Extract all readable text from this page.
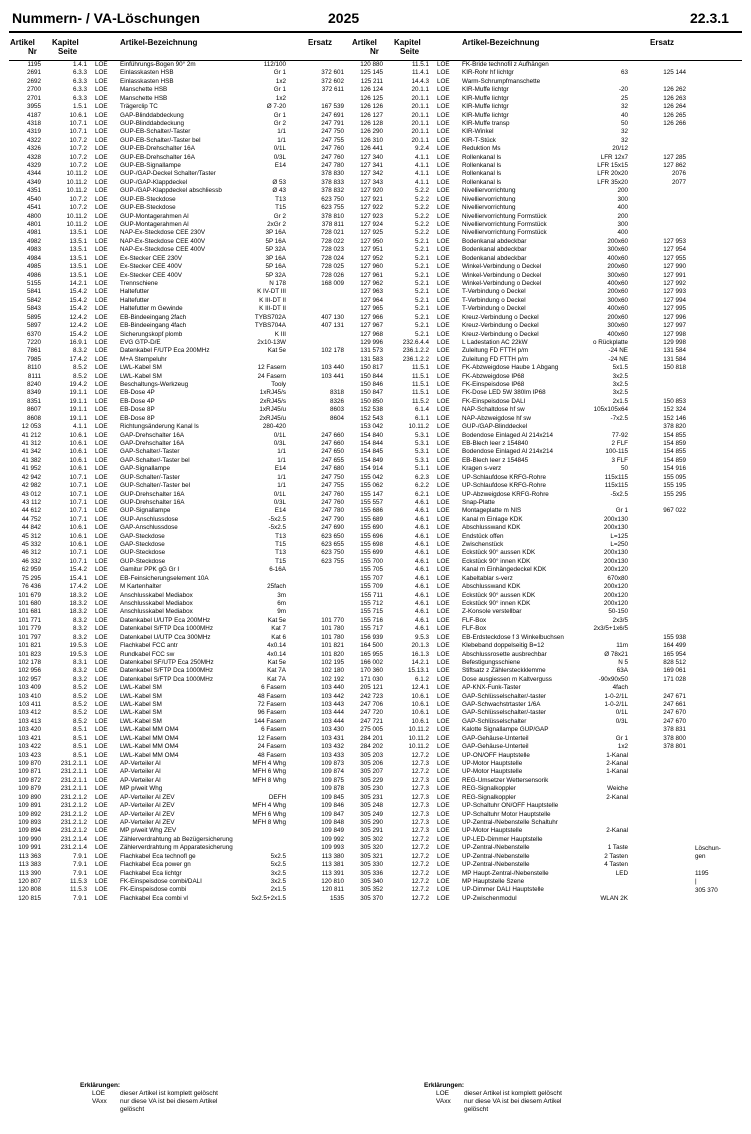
Nummern- / VA-Löschungen	2025	22.3.1
Artikel
Nr
Kapitel
Seite
Artikel-Bezeichnung	Ersatz
1195	1.4.1 LOE Einführungs-Bogen 90° 2m	112/100
2691	6.3.3 LOE Einlasskasten HSB	Gr 1	372 601
2692	6.3.3 LOE Einlasskasten HSB	1x2	372 602
2700	6.3.3 LOE Manschette HSB	Gr 1	372 611
2701	6.3.3 LOE Manschette HSB	1x2
3955	1.5.1 LOE Trägerclip TC	Ø 7-20	167 539
4187	10.6.1 LOE GAP-Blinddabdeckung	Gr 1	247 691
4318	10.7.1 LOE GUP-Blinddabdeckung	Gr 2	247 791
4319	10.7.1 LOE GUP-EB-Schalter/-Taster	1/1	247 750
4322	10.7.2 LOE GUP-EB-Schalter/-Taster bel	1/1	247 755
4326	10.7.2 LOE GUP-EB-Drehschalter 16A	0/1L	247 760
4328	10.7.2 LOE GUP-EB-Drehschalter 16A	0/3L	247 760
4329	10.7.2 LOE GUP-EB-Signallampe	E14	247 780
4344	10.11.2 LOE GUP-/GAP-Deckel Schalter/Taster	378 830
4349	10.11.2 LOE GUP-/GAP-Klappdeckel	Ø 53	378 833
4351	10.11.2 LOE GUP-/GAP-Klappdeckel abschliessb	Ø 43	378 832
4540	10.7.2 LOE GUP-EB-Steckdose	T13	623 750
4541	10.7.2 LOE GUP-EB-Steckdose	T15	623 755
4800	10.11.2 LOE GUP-Montagerahmen Al	Gr 2	378 810
4801	10.11.2 LOE GUP-Montagerahmen Al	2xGr 2	378 811
4981	13.5.1 LOE NAP-Ex-Steckdose CEE 230V	3P 16A	728 021
4982	13.5.1 LOE NAP-Ex-Steckdose CEE 400V	5P 16A	728 022
4983	13.5.1 LOE NAP-Ex-Steckdose CEE 400V	5P 32A	728 023
4984	13.5.1 LOE Ex-Stecker CEE 230V	3P 16A	728 024
4985	13.5.1 LOE Ex-Stecker CEE 400V	5P 16A	728 025
4986	13.5.1 LOE Ex-Stecker CEE 400V	5P 32A	728 026
5155	14.2.1 LOE Trennschiene	N 178	168 009
5841	15.4.2 LOE Haltefutter	K IV-DT III
5842	15.4.2 LOE Haltefutter	K III-DT II
5843	15.4.2 LOE Haltefutter m Gewinde	K III-DT II
5895	12.4.2 LOE EB-Bindeeingang 2fach	TYBS702A	407 130
5897	12.4.2 LOE EB-Bindeeingang 4fach	TYBS704A	407 131
6370	15.4.2 LOE Sicherungskopf plomb	K III
7220	16.9.1 LOE EVG GTP-D/E	2x10-13W
7861	8.3.2 LOE Datenkabel F/UTP Eca 200MHz	Kat 5e	102 178
7985	17.4.2 LOE M+A Stempeluhr
8110	8.5.2 LOE LWL-Kabel SM	12 Fasern	103 440
8111	8.5.2 LOE LWL-Kabel SM	24 Fasern	103 441
8240	19.4.2 LOE Beschaltungs-Werkzeug	Tooly
8349	19.1.1 LOE EB-Dose 4P	1xRJ45/s	8318
8351	19.1.1 LOE EB-Dose 4P	2xRJ45/s	8326
8607	19.1.1 LOE EB-Dose 8P	1xRJ45/u	8603
8608	19.1.1 LOE EB-Dose 8P	2xRJ45/u	8604
12 053	4.1.1 LOE Richtungsänderung Kanal ls	280-420
41 212	10.6.1 LOE GAP-Drehschalter 16A	0/1L	247 660
41 312	10.6.1 LOE GAP-Drehschalter 16A	0/3L	247 660
41 342	10.6.1 LOE GAP-Schalter/-Taster	1/1	247 650
41 382	10.6.1 LOE GAP-Schalter/-Taster bel	1/1	247 655
41 952	10.6.1 LOE GAP-Signallampe	E14	247 680
42 942	10.7.1 LOE GUP-Schalter/-Taster	1/1	247 750
42 982	10.7.1 LOE GUP-Schalter/-Taster bel	1/1	247 755
43 012	10.7.1 LOE GUP-Drehschalter 16A	0/1L	247 760
43 112	10.7.1 LOE GUP-Drehschalter 16A	0/3L	247 760
44 612	10.7.1 LOE GUP-Signallampe	E14	247 780
44 752	10.7.1 LOE GUP-Anschlussdose	-5x2.5	247 790
44 842	10.6.1 LOE GAP-Anschlussdose	-5x2.5	247 690
45 312	10.6.1 LOE GAP-Steckdose	T13	623 650
45 332	10.6.1 LOE GAP-Steckdose	T15	623 655
46 312	10.7.1 LOE GUP-Steckdose	T13	623 750
46 332	10.7.1 LOE GUP-Steckdose	T15	623 755
62 959	15.4.2 LOE Gamitur PPK gG Gr I	6-16A
75 295	15.4.1 LOE EB-Feinsicherungselement 10A
76 436	17.4.2 LOE M Kartenhalter	25fach
101 679	18.3.2 LOE Anschlusskabel Mediabox	3m
101 680	18.3.2 LOE Anschlusskabel Mediabox	6m
101 681	18.3.2 LOE Anschlusskabel Mediabox	9m
101 771	8.3.2 LOE Datenkabel U/UTP Eca 200MHz	Kat 5e	101 770
101 779	8.3.2 LOE Datenkabel S/FTP Dca 1000MHz	Kat 7	101 780
101 797	8.3.2 LOE Datenkabel U/UTP Cca 300MHz	Kat 6	101 780
101 821	19.5.3 LOE Flachkabel FCC antr	4x0.14	101 821
101 823	19.5.3 LOE Rundkabel FCC sw	4x0.14	101 820
102 178	8.3.1 LOE Datenkabel SF/UTP Eca 250MHz	Kat 5e	102 195
102 956	8.3.2 LOE Datenkabel S/FTP Dca 1000MHz	Kat 7A	102 180
102 957	8.3.2 LOE Datenkabel S/FTP Dca 1000MHz	Kat 7A	102 192
103 409	8.5.2 LOE LWL-Kabel SM	6 Fasern	103 440
103 410	8.5.2 LOE LWL-Kabel SM	48 Fasern	103 442
103 411	8.5.2 LOE LWL-Kabel SM	72 Fasern	103 443
103 412	8.5.2 LOE LWL-Kabel SM	96 Fasern	103 444
103 413	8.5.2 LOE LWL-Kabel SM	144 Fasern	103 444
103 420	8.5.1 LOE LWL-Kabel MM OM4	6 Fasern	103 430
103 421	8.5.1 LOE LWL-Kabel MM OM4	12 Fasern	103 431
103 422	8.5.1 LOE LWL-Kabel MM OM4	24 Fasern	103 432
103 423	8.5.1 LOE LWL-Kabel MM OM4	48 Fasern	103 433
109 870	231.2.1.1 LOE AP-Verteiler Al	MFH 4 Whg	109 873
109 871	231.2.1.1 LOE AP-Verteiler Al	MFH 6 Whg	109 874
109 872	231.2.1.1 LOE AP-Verteiler Al	MFH 8 Whg	109 875
109 879	231.2.1.1 LOE MP p/weit Whg	109 878
109 890	231.2.1.2 LOE AP-Verteiler Al ZEV	DEFH	109 845
109 891	231.2.1.2 LOE AP-Verteiler Al ZEV	MFH 4 Whg	109 846
109 892	231.2.1.2 LOE AP-Verteiler Al ZEV	MFH 6 Whg	109 847
109 893	231.2.1.2 LOE AP-Verteiler Al ZEV	MFH 8 Whg	109 848
109 894	231.2.1.2 LOE MP p/weit Whg ZEV	109 849
109 990	231.2.1.4 LOE Zählerverdrahtung ab Bezügersicherung	109 992
109 991	231.2.1.4 LOE Zählerverdrahtung m Apparatesicherung	109 993
113 363	7.9.1 LOE Flachkabel Eca technofl ge	5x2.5	113 380
113 383	7.9.1 LOE Flachkabel Eca power gn	5x2.5	113 381
113 390	7.9.1 LOE Flachkabel Eca lichtgr	3x2.5	113 391
120 807	11.5.3 LOE FK-Einspeisdose combi/DALI	3x2.5	120 810
120 808	11.5.3 LOE FK-Einspeisdose combi	2x1.5	120 811
120 815	7.9.1 LOE Flachkabel Eca combi vl	5x2.5+2x1.5	1535
Artikel
Nr
Kapitel
Seite
Artikel-Bezeichnung	Ersatz
120 880	11.5.1 LOE FK-Bride technofil z Aufhängen
125 145	11.4.1 LOE KIR-Rohr hf lichtgr	63	125 144
125 211	14.4.3 LOE Warm-Schrumpfmanschette
126 124	20.1.1 LOE KIR-Muffe lichtgr	-20	126 262
126 125	20.1.1 LOE KIR-Muffe lichtgr	25	126 263
126 126	20.1.1 LOE KIR-Muffe lichtgr	32	126 264
126 127	20.1.1 LOE KIR-Muffe lichtgr	40	126 265
126 128	20.1.1 LOE KIR-Muffe transp	50	126 266
126 290	20.1.1 LOE KIR-Winkel	32
126 310	20.1.1 LOE KIR-T-Stück	32
126 441	9.2.4 LOE Reduktion Ms	20/12
127 340	4.1.1 LOE Rollenkanal ls	LFR 12x7	127 285
127 341	4.1.1 LOE Rollenkanal ls	LFR 15x15	127 862
127 342	4.1.1 LOE Rollenkanal ls	LFR 20x20	2076
127 343	4.1.1 LOE Rollenkanal ls	LFR 35x20	2077
127 920	5.2.2 LOE Nivelliervorrichtung	200
127 921	5.2.2 LOE Nivelliervorrichtung	300
127 922	5.2.2 LOE Nivelliervorrichtung	400
127 923	5.2.2 LOE Nivelliervorrichtung Formstück	200
127 924	5.2.2 LOE Nivelliervorrichtung Formstück	300
127 925	5.2.2 LOE Nivelliervorrichtung Formstück	400
127 950	5.2.1 LOE Bodenkanal abdeckbar	200x60	127 953
127 951	5.2.1 LOE Bodenkanal abdeckbar	300x60	127 954
127 952	5.2.1 LOE Bodenkanal abdeckbar	400x60	127 955
127 960	5.2.1 LOE Winkel-Verbindung o Deckel	200x60	127 990
127 961	5.2.1 LOE Winkel-Verbindung o Deckel	300x60	127 991
127 962	5.2.1 LOE Winkel-Verbindung o Deckel	400x60	127 992
127 963	5.2.1 LOE T-Verbindung o Deckel	200x60	127 993
127 964	5.2.1 LOE T-Verbindung o Deckel	300x60	127 994
127 965	5.2.1 LOE T-Verbindung o Deckel	400x60	127 995
127 966	5.2.1 LOE Kreuz-Verbindung o Deckel	200x60	127 996
127 967	5.2.1 LOE Kreuz-Verbindung o Deckel	300x60	127 997
127 968	5.2.1 LOE Kreuz-Verbindung o Deckel	400x60	127 998
129 996	232.6.4.4 LOE L Ladestation AC 22kW	o Rückplatte	129 998
131 573	236.1.2.2 LOE Zuleitung FD FTTH p/m	-24 NE	131 584
131 583	236.1.2.2 LOE Zuleitung FD FTTH p/m	-24 NE	131 584
150 817	11.5.1 LOE FK-Abzweigdose Haube 1 Abgang	5x1.5	150 818
150 844	11.5.1 LOE FK-Abzweigdose IP68	3x2.5
150 846	11.5.1 LOE FK-Einspeisdose IP68	3x2.5
150 847	11.5.1 LOE FK-Dose LED 5W 380lm IP68	3x2.5
150 850	11.5.2 LOE FK-Einspeisdose DALI	2x1.5	150 853
152 538	6.1.4 LOE NAP-Schaltdose hf sw	105x105x64	152 324
152 543	6.1.1 LOE NAP-Abzweigdose hf sw	-7x2.5	152 146
153 042	10.11.2 LOE GUP-/GAP-Blinddeckel	378 820
154 840	5.3.1 LOE Bodendose Einlaged Al 214x214	77-92	154 855
154 844	5.3.1 LOE EB-Blech leer z 154840	2 FLF	154 859
154 845	5.3.1 LOE Bodendose Einlaged Al 214x214	100-115	154 855
154 849	5.3.1 LOE EB-Blech leer z 154845	3 FLF	154 859
154 914	5.1.1 LOE Kragen s-verz	50	154 916
155 042	6.2.3 LOE UP-Schlaufdose KRFG-Rohre	115x115	155 095
155 062	6.2.2 LOE UP-Schlaufdose KRFG-Rohre	115x115	155 195
155 147	6.2.1 LOE UP-Abzweigdose KRFG-Rohre	-5x2.5	155 295
155 557	4.6.1 LOE Snap-Platte
155 686	4.6.1 LOE Montageplatte m NIS	Gr 1	967 022
155 689	4.6.1 LOE Kanal m Einlage KDK	200x130
155 690	4.6.1 LOE Abschlusswand KDK	200x130
155 696	4.6.1 LOE Endstück offen	L=125
155 698	4.6.1 LOE Zwischenstück	L=250
155 699	4.6.1 LOE Eckstück 90° aussen KDK	200x130
155 700	4.6.1 LOE Eckstück 90° innen KDK	200x130
155 705	4.6.1 LOE Kanal m Einhängedeckel KDK	200x120
155 707	4.6.1 LOE Kabeltablar s-verz	670x80
155 709	4.6.1 LOE Abschlusswand KDK	200x120
155 711	4.6.1 LOE Eckstück 90° aussen KDK	200x120
155 712	4.6.1 LOE Eckstück 90° innen KDK	200x120
155 715	4.6.1 LOE Z-Konsole verstellbar	50-150
155 716	4.6.1 LOE FLF-Box	2x3/5
155 717	4.6.1 LOE FLF-Box	2x3/5+1x6/5
156 939	9.5.3 LOE EB-Erdsteckdose f 3 Winkelbuchsen	155 938
164 500	20.1.3 LOE Klebeband doppelseitig B=12	11m	164 499
165 955	16.1.3 LOE Abschlussrosette ausbrechbar	Ø 78x21	165 954
166 002	14.2.1 LOE Befestigungsschiene	N 5	828 512
170 360	15.13.1 LOE Stiftsatz z Zählersteckklemme	63A	169 061
171 030	6.1.2 LOE Dose ausgiessen m Kaltverguss	-90x90x50	171 028
205 121	12.4.1 LOE AP-KNX-Funk-Taster	4fach
242 723	10.6.1 LOE GAP-Schlüsselschalter/-taster	1-0-2/1L	247 671
247 706	10.6.1 LOE GAP-Schwachstrtaster 1/6A	1-0-2/1L	247 661
247 720	10.6.1 LOE GAP-Schlüsselschalter/-taster	0/1L	247 670
247 721	10.6.1 LOE GAP-Schlüsselschalter	0/3L	247 670
275 005	10.11.2 LOE Kalotte Signallampe GUP/GAP	378 831
284 201	10.11.2 LOE GAP-Gehäuse-Unterteil	Gr 1	378 800
284 202	10.11.2 LOE GAP-Gehäuse-Unterteil	1x2	378 801
305 203	12.7.2 LOE UP-ON/OFF Hauptstelle	1-Kanal
305 206	12.7.3 LOE UP-Motor Hauptstelle	2-Kanal
305 207	12.7.2 LOE UP-Motor Hauptstelle	1-Kanal
305 229	12.7.3 LOE REG-Umsetzer Wettersensorik
305 230	12.7.3 LOE REG-Signalkoppler	Weiche
305 231	12.7.3 LOE REG-Signalkoppler	2-Kanal
305 248	12.7.3 LOE UP-Schaltuhr ON/OFF Hauptstelle
305 249	12.7.3 LOE UP-Schaltuhr Motor Hauptstelle
305 290	12.7.3 LOE UP-Zentral-/Nebenstelle Schaltuhr
305 291	12.7.3 LOE UP-Motor Hauptstelle	2-Kanal
305 302	12.7.2 LOE UP-LED-Dimmer Hauptstelle
305 320	12.7.2 LOE UP-Zentral-/Nebenstelle	1 Taste
305 321	12.7.2 LOE UP-Zentral-/Nebenstelle	2 Tasten
305 330	12.7.2 LOE UP-Zentral-/Nebenstelle	4 Tasten
305 336	12.7.2 LOE MP Haupt-Zentral-/Nebenstelle	LED
305 340	12.7.2 LOE MP Hauptstelle Szene
305 352	12.7.2 LOE UP-Dimmer DALI Hauptstelle
305 370	12.7.2 LOE UP-Zwischenmodul	WLAN 2K
Löschun-
gen
1195
|
305 370
Erklärungen:
LOE dieser Artikel ist komplett gelöscht
VAxx nur diese VA ist bei diesem Artikel
gelöscht
Erklärungen:
LOE dieser Artikel ist komplett gelöscht
VAxx nur diese VA ist bei diesem Artikel
gelöscht
